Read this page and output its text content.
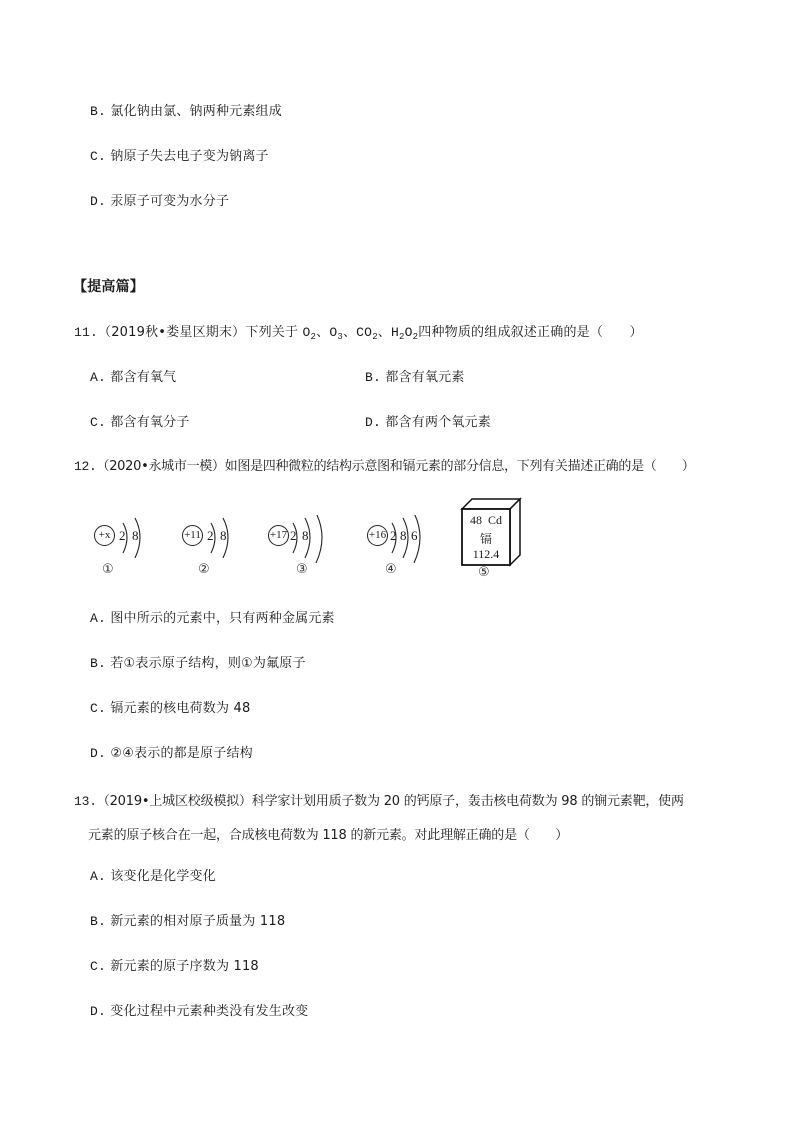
B. 氯化钠由氯、钠两种元素组成
C. 钠原子失去电子变为钠离子
D. 汞原子可变为水分子
【提高篇】
11.（2019秋•娄星区期末）下列关于 $O_2$、$O_3$、$CO_2$、$H_2O_2$四种物质的组成叙述正确的是（　　）
A. 都含有氧气	B. 都含有氧元素
C. 都含有氧分子	D. 都含有两个氧元素
12.（2020•永城市一模）如图是四种微粒的结构示意图和镉元素的部分信息，下列有关描述正确的是（　　）
+x 2 8
①
+11 2 8
②
+17 2 8
③
+16 2 8 6
④
48 Cd
镉
112.4
⑤
A. 图中所示的元素中，只有两种金属元素
B. 若①表示原子结构，则①为氟原子
C. 镉元素的核电荷数为 48
D. ②④表示的都是原子结构
13.（2019•上城区校级模拟）科学家计划用质子数为 20 的钙原子，轰击核电荷数为 98 的锎元素靶，使两
元素的原子核合在一起，合成核电荷数为 118 的新元素。对此理解正确的是（　　）
A. 该变化是化学变化
B. 新元素的相对原子质量为 118
C. 新元素的原子序数为 118
D. 变化过程中元素种类没有发生改变
